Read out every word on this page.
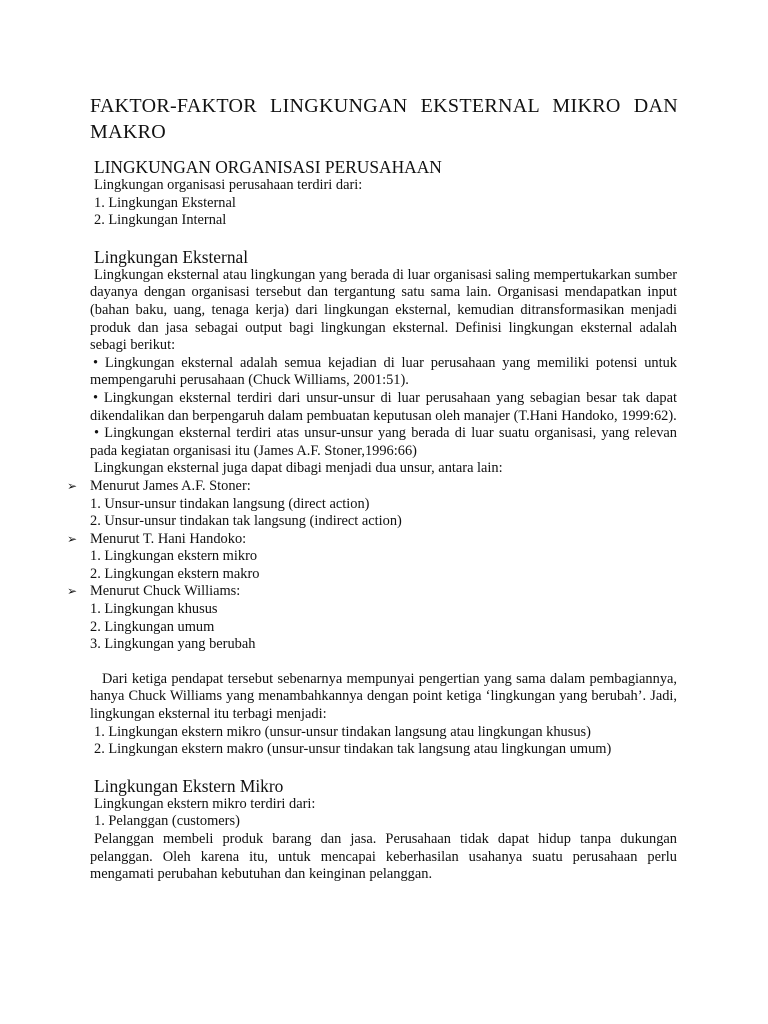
FAKTOR-FAKTOR LINGKUNGAN EKSTERNAL MIKRO DAN
MAKRO

LINGKUNGAN ORGANISASI PERUSAHAAN

Lingkungan organisasi perusahaan terdiri dari:

1. Lingkungan Eksternal

2. Lingkungan Internal

Lingkungan Eksternal

Lingkungan eksternal atau lingkungan yang berada di luar organisasi saling mempertukarkan sumber dayanya dengan organisasi tersebut dan tergantung satu sama lain. Organisasi mendapatkan input (bahan baku, uang, tenaga kerja) dari lingkungan eksternal, kemudian ditransformasikan menjadi produk dan jasa sebagai output bagi lingkungan eksternal. Definisi lingkungan eksternal adalah sebagi berikut:

• Lingkungan eksternal adalah semua kejadian di luar perusahaan yang memiliki potensi untuk mempengaruhi perusahaan (Chuck Williams, 2001:51).

• Lingkungan eksternal terdiri dari unsur-unsur di luar perusahaan yang sebagian besar tak dapat dikendalikan dan berpengaruh dalam pembuatan keputusan oleh manajer (T.Hani Handoko, 1999:62).

• Lingkungan eksternal terdiri atas unsur-unsur yang berada di luar suatu organisasi, yang relevan pada kegiatan organisasi itu (James A.F. Stoner,1996:66)

Lingkungan eksternal juga dapat dibagi menjadi dua unsur, antara lain:

➢ Menurut James A.F. Stoner:

1. Unsur-unsur tindakan langsung (direct action)

2. Unsur-unsur tindakan tak langsung (indirect action)

➢ Menurut T. Hani Handoko:

1. Lingkungan ekstern mikro

2. Lingkungan ekstern makro

➢ Menurut Chuck Williams:

1. Lingkungan khusus

2. Lingkungan umum

3. Lingkungan yang berubah

Dari ketiga pendapat tersebut sebenarnya mempunyai pengertian yang sama dalam pembagiannya, hanya Chuck Williams yang menambahkannya dengan point ketiga ‘lingkungan yang berubah’. Jadi, lingkungan eksternal itu terbagi menjadi:

1. Lingkungan ekstern mikro (unsur-unsur tindakan langsung atau lingkungan khusus)

2. Lingkungan ekstern makro (unsur-unsur tindakan tak langsung atau lingkungan umum)

Lingkungan Ekstern Mikro

Lingkungan ekstern mikro terdiri dari:

1. Pelanggan (customers)

Pelanggan membeli produk barang dan jasa. Perusahaan tidak dapat hidup tanpa dukungan pelanggan. Oleh karena itu, untuk mencapai keberhasilan usahanya suatu perusahaan perlu mengamati perubahan kebutuhan dan keinginan pelanggan.
